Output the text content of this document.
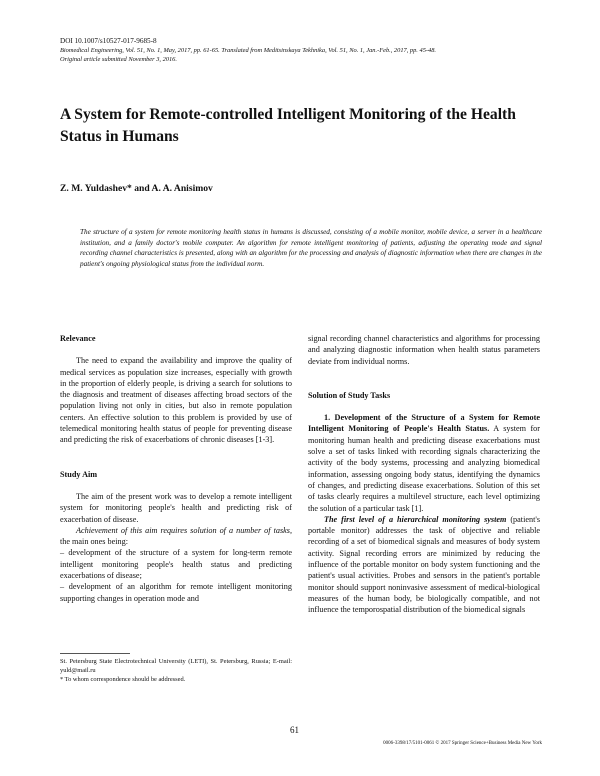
DOI 10.1007/s10527-017-9685-8
Biomedical Engineering, Vol. 51, No. 1, May, 2017, pp. 61-65. Translated from Meditsinskaya Tekhnika, Vol. 51, No. 1, Jan.-Feb., 2017, pp. 45-48.
Original article submitted November 3, 2016.
A System for Remote-controlled Intelligent Monitoring of the Health Status in Humans
Z. M. Yuldashev* and A. A. Anisimov
The structure of a system for remote monitoring health status in humans is discussed, consisting of a mobile monitor, mobile device, a server in a healthcare institution, and a family doctor's mobile computer. An algorithm for remote intelligent monitoring of patients, adjusting the operating mode and signal recording channel characteristics is presented, along with an algorithm for the processing and analysis of diagnostic information when there are changes in the patient's ongoing physiological status from the individual norm.
Relevance

The need to expand the availability and improve the quality of medical services as population size increases, especially with growth in the proportion of elderly people, is driving a search for solutions to the diagnosis and treatment of diseases affecting broad sectors of the population living not only in cities, but also in remote population centers. An effective solution to this problem is provided by use of telemedical monitoring health status of people for preventing disease and predicting the risk of exacerbations of chronic diseases [1-3].

Study Aim

The aim of the present work was to develop a remote intelligent system for monitoring people's health and predicting risk of exacerbation of disease.

Achievement of this aim requires solution of a number of tasks, the main ones being:

– development of the structure of a system for long-term remote intelligent monitoring people's health status and predicting exacerbations of disease;

– development of an algorithm for remote intelligent monitoring supporting changes in operation mode and

signal recording channel characteristics and algorithms for processing and analyzing diagnostic information when health status parameters deviate from individual norms.

Solution of Study Tasks

1. Development of the Structure of a System for Remote Intelligent Monitoring of People's Health Status. A system for monitoring human health and predicting disease exacerbations must solve a set of tasks linked with recording signals characterizing the activity of the body systems, processing and analyzing biomedical information, assessing ongoing body status, identifying the dynamics of changes, and predicting disease exacerbations. Solution of this set of tasks clearly requires a multilevel structure, each level optimizing the solution of a particular task [1].

The first level of a hierarchical monitoring system (patient's portable monitor) addresses the task of objective and reliable recording of a set of biomedical signals and measures of body system activity. Signal recording errors are minimized by reducing the influence of the portable monitor on body system functioning and the patient's usual activities. Probes and sensors in the patient's portable monitor should support noninvasive assessment of medical-biological measures of the human body, be biologically compatible, and not influence the temporospatial distribution of the biomedical signals

St. Petersburg State Electrotechnical University (LETI), St. Petersburg, Russia; E-mail: yuld@mail.ru

* To whom correspondence should be addressed.

61
0006-3398/17/5101-0061 © 2017 Springer Science+Business Media New York
